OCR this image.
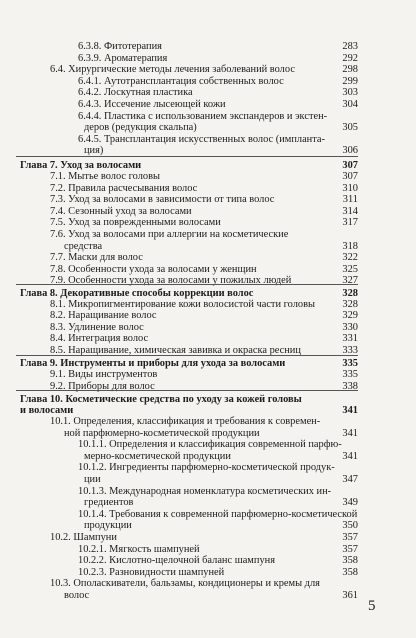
6.3.8. Фитотерапия	283
6.3.9. Ароматерапия	292
6.4. Хирургические методы лечения заболеваний волос	298
6.4.1. Аутотрансплантация собственных волос	299
6.4.2. Лоскутная пластика	303
6.4.3. Иссечение лысеющей кожи	304
6.4.4. Пластика с использованием экспандеров и экстен-
деров (редукция скальпа)	305
6.4.5. Трансплантация искусственных волос (импланта-
ция)	306
Глава 7. Уход за волосами	307
7.1. Мытье волос головы	307
7.2. Правила расчесывания волос	310
7.3. Уход за волосами в зависимости от типа волос	311
7.4. Сезонный уход за волосами	314
7.5. Уход за поврежденными волосами	317
7.6. Уход за волосами при аллергии на косметические
средства	318
7.7. Маски для волос	322
7.8. Особенности ухода за волосами у женщин	325
7.9. Особенности ухода за волосами у пожилых людей	327
Глава 8. Декоративные способы коррекции волос	328
8.1. Микропигментирование кожи волосистой части головы	328
8.2. Наращивание волос	329
8.3. Удлинение волос	330
8.4. Интеграция волос	331
8.5. Наращивание, химическая завивка и окраска ресниц	333
Глава 9. Инструменты и приборы для ухода за волосами	335
9.1. Виды инструментов	335
9.2. Приборы для волос	338
Глава 10. Косметические средства по уходу за кожей головы
и волосами	341
10.1. Определения, классификация и требования к современ-
ной парфюмерно-косметической продукции	341
10.1.1. Определения и классификация современной парфю-
мерно-косметической продукции	341
10.1.2. Ингредиенты парфюмерно-косметической продук-
ции	347
10.1.3. Международная номенклатура косметических ин-
гредиентов	349
10.1.4. Требования к современной парфюмерно-косметической
продукции	350
10.2. Шампуни	357
10.2.1. Мягкость шампуней	357
10.2.2. Кислотно-щелочной баланс шампуня	358
10.2.3. Разновидности шампуней	358
10.3. Ополаскиватели, бальзамы, кондиционеры и кремы для
волос	361
5
